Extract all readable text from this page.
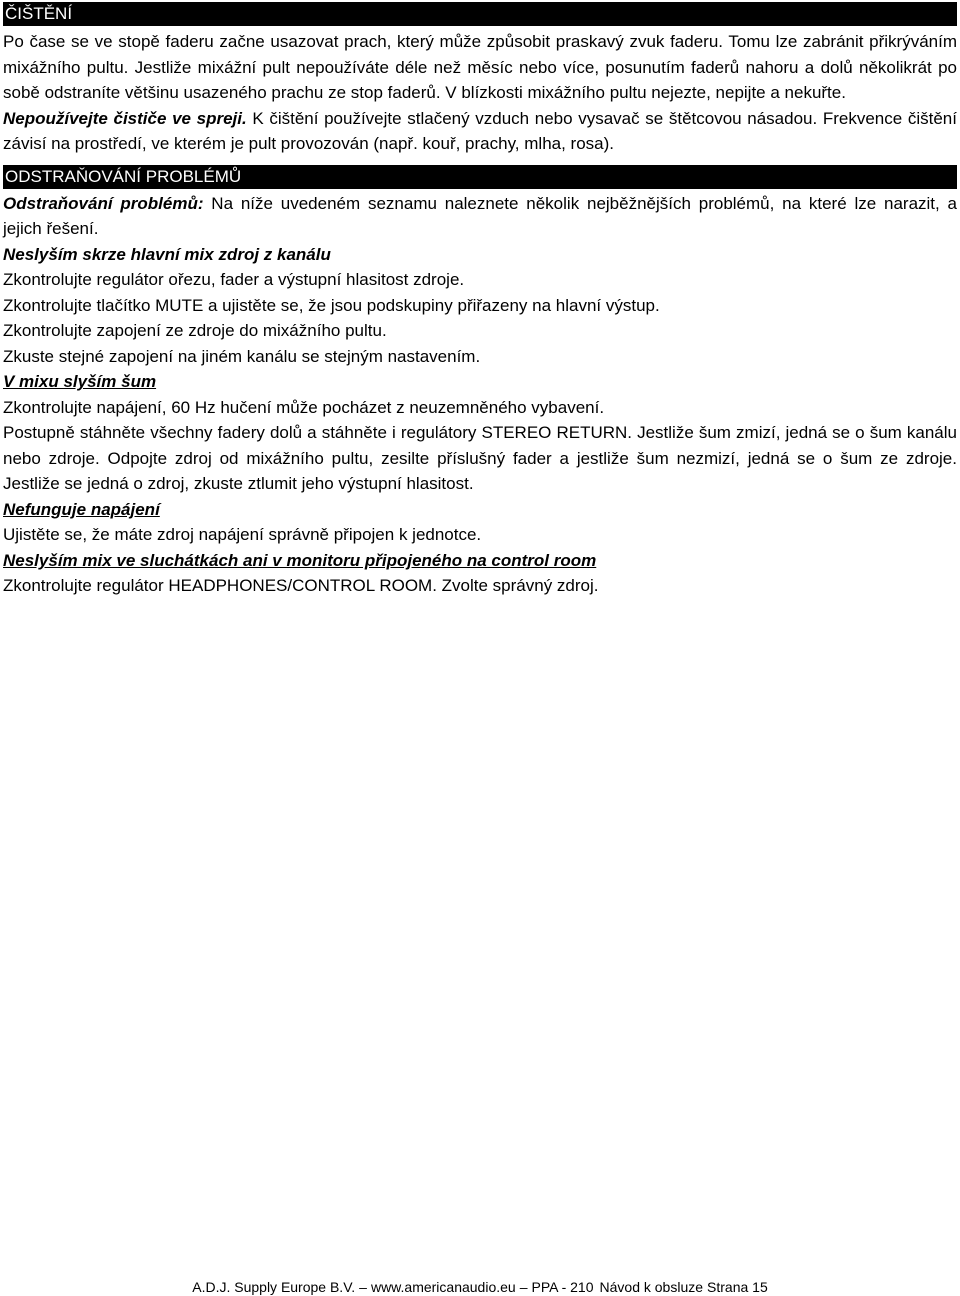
ČIŠTĚNÍ

Po čase se ve stopě faderu začne usazovat prach, který může způsobit praskavý zvuk faderu. Tomu lze zabránit přikrýváním mixážního pultu. Jestliže mixážní pult nepoužíváte déle než měsíc nebo více, posunutím faderů nahoru a dolů několikrát po sobě odstraníte většinu usazeného prachu ze stop faderů. V blízkosti mixážního pultu nejezte, nepijte a nekuřte.

Nepoužívejte čističe ve spreji. K čištění používejte stlačený vzduch nebo vysavač se štětcovou násadou. Frekvence čištění závisí na prostředí, ve kterém je pult provozován (např. kouř, prachy, mlha, rosa).

ODSTRAŇOVÁNÍ PROBLÉMŮ

Odstraňování problémů: Na níže uvedeném seznamu naleznete několik nejběžnějších problémů, na které lze narazit, a jejich řešení.

Neslyším skrze hlavní mix zdroj z kanálu

Zkontrolujte regulátor ořezu, fader a výstupní hlasitost zdroje.

Zkontrolujte tlačítko MUTE a ujistěte se, že jsou podskupiny přiřazeny na hlavní výstup.

Zkontrolujte zapojení ze zdroje do mixážního pultu.

Zkuste stejné zapojení na jiném kanálu se stejným nastavením.

V mixu slyším šum

Zkontrolujte napájení, 60 Hz hučení může pocházet z neuzemněného vybavení.

Postupně stáhněte všechny fadery dolů a stáhněte i regulátory STEREO RETURN. Jestliže šum zmizí, jedná se o šum kanálu nebo zdroje. Odpojte zdroj od mixážního pultu, zesilte příslušný fader a jestliže šum nezmizí, jedná se o šum ze zdroje. Jestliže se jedná o zdroj, zkuste ztlumit jeho výstupní hlasitost.

Nefunguje napájení

Ujistěte se, že máte zdroj napájení správně připojen k jednotce.

Neslyším mix ve sluchátkách ani v monitoru připojeného na control room

Zkontrolujte regulátor HEADPHONES/CONTROL ROOM. Zvolte správný zdroj.

A.D.J. Supply Europe B.V. – www.americanaudio.eu – PPA - 210 Návod k obsluze Strana 15
